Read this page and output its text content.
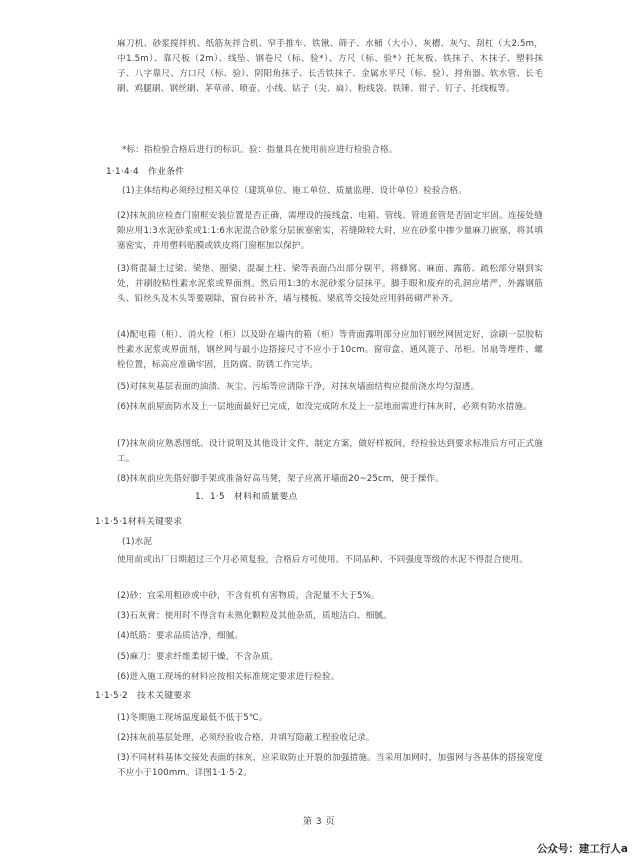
麻刀机、砂浆搅拌机、纸筋灰拌合机、窄手推车、铁锹、筛子、水桶（大小）、灰槽、灰勺、刮杠（大2.5m，中1.5m）、靠尺板（2m）、线坠、钢卷尺（标、验*）、方尺（标、验*）托灰板、铁抹子、木抹子、塑料抹子、八字靠尺、方口尺（标、验）、阴阳角抹子、长舌铁抹子、金属水平尺（标、验）、捋角器、软水管、长毛刷、鸡腿刷、钢丝刷、茅草帚、喷壶、小线、钻子（尖、扁）、粉线袋、铁锤、钳子、钉子、托线板等。
*标：指检验合格后进行的标识。验：指量具在使用前应进行检验合格。
1·1·4·4　作业条件
(1)主体结构必须经过相关单位（建筑单位、施工单位、质量监理、设计单位）检验合格。
(2)抹灰前应检查门窗框安装位置是否正确，需埋设的接线盒、电箱、管线、管道套管是否固定牢固。连接处缝隙应用1:3水泥砂浆或1:1:6水泥混合砂浆分层嵌塞密实，若缝隙较大时，应在砂浆中掺少量麻刀嵌塞，将其填塞密实，并用塑料贴膜或铁皮将门窗框加以保护。
(3)将混凝土过梁、梁垫、圈梁、混凝土柱、梁等表面凸出部分剔平，将蜂窝、麻面、露筋、疏松部分剔到实处，并刷胶粘性素水泥浆或界面剂。然后用1:3的水泥砂浆分层抹平。脚手眼和废弃的孔洞应堵严，外露钢筋头、铅丝头及木头等要剔除，窗台砖补齐，墙与楼板、梁底等交接处应用斜砖砌严补齐。
(4)配电箱（柜）、消火栓（柜）以及卧在墙内的箱（柜）等背面露明部分应加钉钢丝网固定好，涂刷一层胶粘性素水泥浆或界面剂，钢丝网与最小边搭接尺寸不应小于10cm。窗帘盒、通风篦子、吊柜、吊扇等埋件、螺栓位置，标高应准确牢固，且防腐、防锈工作完毕。
(5)对抹灰基层表面的油渍、灰尘、污垢等应清除干净，对抹灰墙面结构应提前浇水均匀湿透。
(6)抹灰前屋面防水及上一层地面最好已完成，如没完成防水及上一层地面需进行抹灰时，必须有防水措施。
(7)抹灰前应熟悉图纸、设计说明及其他设计文件，制定方案，做好样板间，经检验达到要求标准后方可正式施工。
(8)抹灰前应先搭好脚手架或准备好高马凳，架子应离开墙面20~25cm，便于操作。
1．1·5　材料和质量要点
1·1·5·1材料关键要求
(1)水泥
使用前或出厂日期超过三个月必须复验，合格后方可使用。不同品种、不同强度等级的水泥不得混合使用。
(2)砂：宜采用粗砂或中砂，不含有机有害物质，含泥量不大于5%。
(3)石灰膏：使用时不得含有未熟化颗粒及其他杂质，质地洁白、细腻。
(4)纸筋：要求品质洁净，细腻。
(5)麻刀：要求纤维柔韧干燥，不含杂质。
(6)进入施工现场的材料应按相关标准规定要求进行检验。
1·1·5·2　技术关键要求
(1)冬期施工现场温度最低不低于5℃。
(2)抹灰前基层处理，必须经验收合格，并填写隐蔽工程验收记录。
(3)不同材料基体交接处表面的抹灰，应采取防止开裂的加强措施。当采用加网时，加强网与各基体的搭接宽度不应小于100mm。详图1·1·5·2。
第 3 页
公众号：建工行人a
